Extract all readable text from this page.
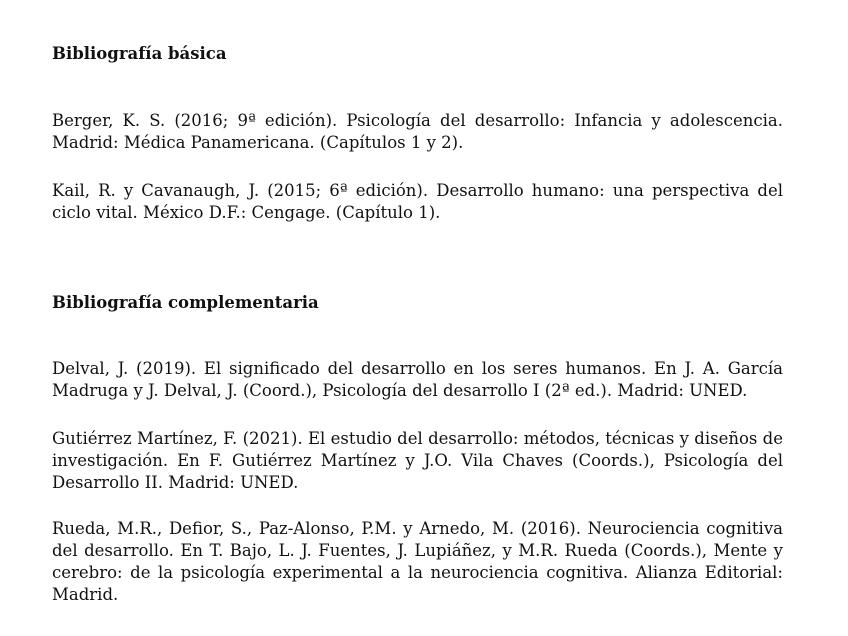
Bibliografía básica

Berger, K. S. (2016; 9ª edición). Psicología del desarrollo: Infancia y adolescencia. Madrid: Médica Panamericana. (Capítulos 1 y 2).

Kail, R. y Cavanaugh, J. (2015; 6ª edición). Desarrollo humano: una perspectiva del ciclo vital. México D.F.: Cengage. (Capítulo 1).

Bibliografía complementaria

Delval, J. (2019). El significado del desarrollo en los seres humanos. En J. A. García Madruga y J. Delval, J. (Coord.), Psicología del desarrollo I (2ª ed.). Madrid: UNED.

Gutiérrez Martínez, F. (2021). El estudio del desarrollo: métodos, técnicas y diseños de investigación. En F. Gutiérrez Martínez y J.O. Vila Chaves (Coords.), Psicología del Desarrollo II. Madrid: UNED.

Rueda, M.R., Defior, S., Paz-Alonso, P.M. y Arnedo, M. (2016). Neurociencia cognitiva del desarrollo. En T. Bajo, L. J. Fuentes, J. Lupiáñez, y M.R. Rueda (Coords.), Mente y cerebro: de la psicología experimental a la neurociencia cognitiva. Alianza Editorial: Madrid.
